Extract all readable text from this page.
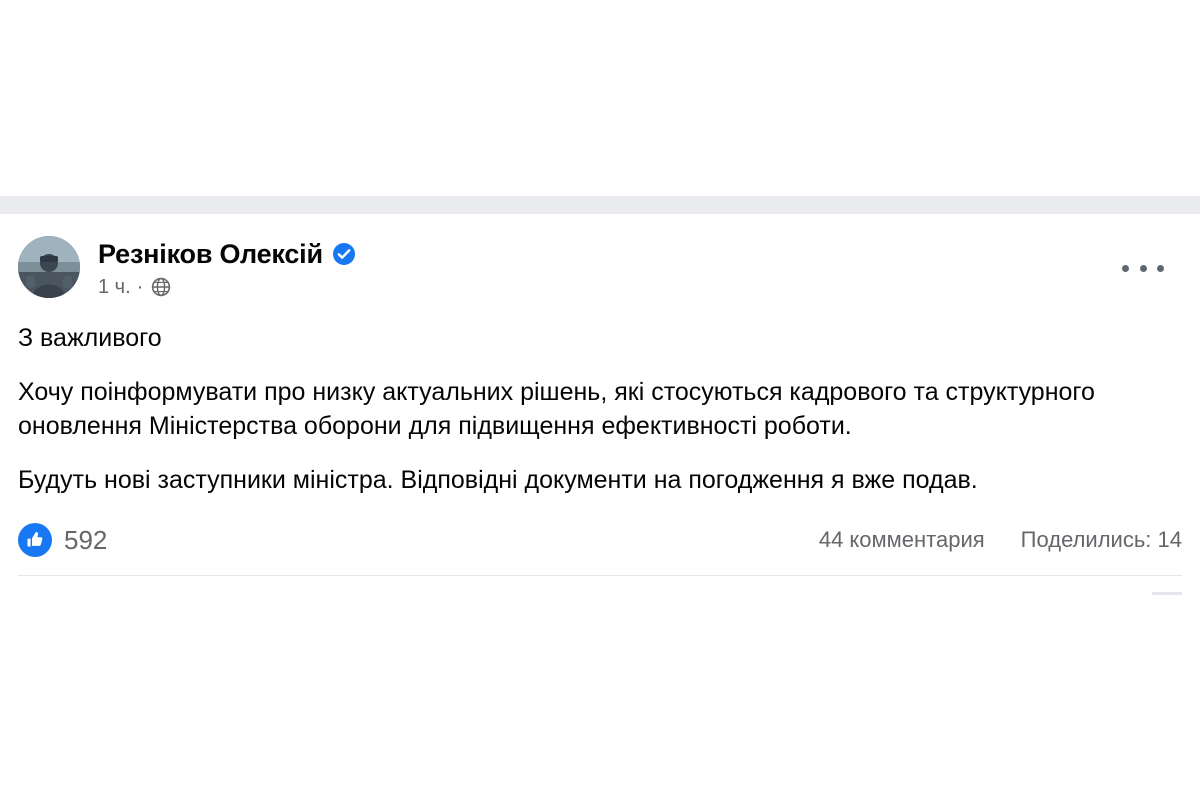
Резніков Олексій
1 ч. ·

З важливого

Хочу поінформувати про низку актуальних рішень, які стосуються кадрового та структурного оновлення Міністерства оборони для підвищення ефективності роботи.

Будуть нові заступники міністра. Відповідні документи на погодження я вже подав.

592	44 комментария Поделились: 14
